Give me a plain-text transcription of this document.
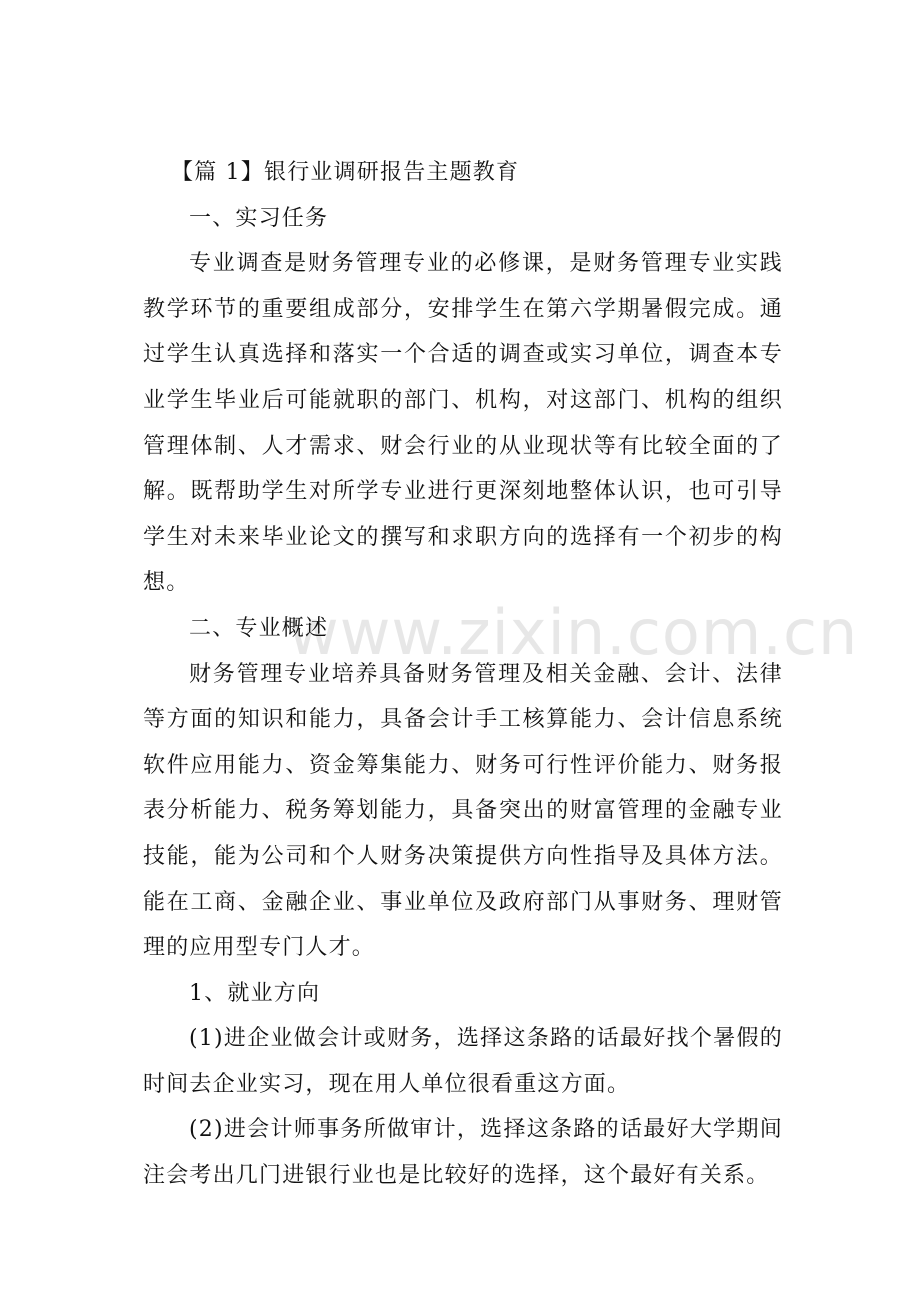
www.zixin.com.cn

【篇 1】银行业调研报告主题教育

一、实习任务

专业调查是财务管理专业的必修课，是财务管理专业实践教学环节的重要组成部分，安排学生在第六学期暑假完成。通过学生认真选择和落实一个合适的调查或实习单位，调查本专业学生毕业后可能就职的部门、机构，对这部门、机构的组织管理体制、人才需求、财会行业的从业现状等有比较全面的了解。既帮助学生对所学专业进行更深刻地整体认识，也可引导学生对未来毕业论文的撰写和求职方向的选择有一个初步的构想。

二、专业概述

财务管理专业培养具备财务管理及相关金融、会计、法律等方面的知识和能力，具备会计手工核算能力、会计信息系统软件应用能力、资金筹集能力、财务可行性评价能力、财务报表分析能力、税务筹划能力，具备突出的财富管理的金融专业技能，能为公司和个人财务决策提供方向性指导及具体方法。能在工商、金融企业、事业单位及政府部门从事财务、理财管理的应用型专门人才。

1、就业方向

(1)进企业做会计或财务，选择这条路的话最好找个暑假的时间去企业实习，现在用人单位很看重这方面。

(2)进会计师事务所做审计，选择这条路的话最好大学期间注会考出几门进银行业也是比较好的选择，这个最好有关系。
